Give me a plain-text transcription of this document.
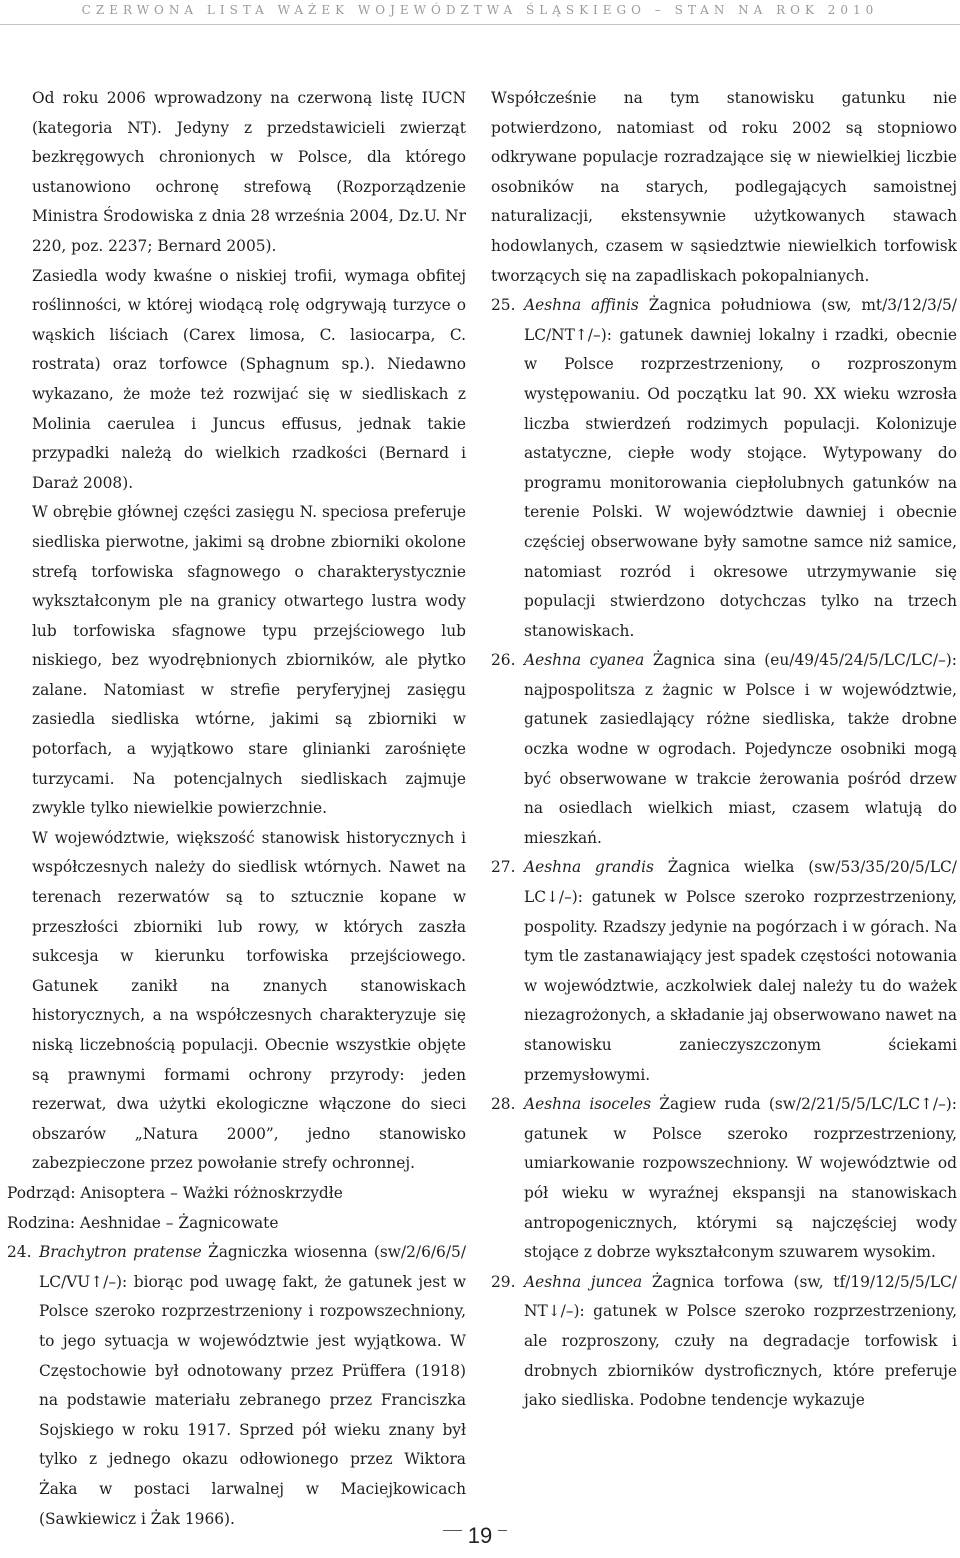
CZERWONA LISTA WAŻEK WOJEWÓDZTWA ŚLĄSKIEGO – STAN NA ROK 2010

Od roku 2006 wprowadzony na czerwoną listę IUCN (kategoria NT). Jedyny z przedstawicieli zwierząt bezkręgowych chronionych w Polsce, dla którego ustanowiono ochronę strefową (Rozporządzenie Ministra Środowiska z dnia 28 września 2004, Dz.U. Nr 220, poz. 2237; Bernard 2005).

Zasiedla wody kwaśne o niskiej trofii, wymaga obfitej roślinności, w której wiodącą rolę odgrywają turzyce o wąskich liściach (Carex limosa, C. lasiocarpa, C. rostrata) oraz torfowce (Sphagnum sp.). Niedawno wykazano, że może też rozwijać się w siedliskach z Molinia caerulea i Juncus effusus, jednak takie przypadki należą do wielkich rzadkości (Bernard i Daraż 2008).

W obrębie głównej części zasięgu N. speciosa preferuje siedliska pierwotne, jakimi są drobne zbiorniki okolone strefą torfowiska sfagnowego o charakterystycznie wykształconym ple na granicy otwartego lustra wody lub torfowiska sfagnowe typu przejściowego lub niskiego, bez wyodrębnionych zbiorników, ale płytko zalane. Natomiast w strefie peryferyjnej zasięgu zasiedla siedliska wtórne, jakimi są zbiorniki w potorfach, a wyjątkowo stare glinianki zarośnięte turzycami. Na potencjalnych siedliskach zajmuje zwykle tylko niewielkie powierzchnie.

W województwie, większość stanowisk historycznych i współczesnych należy do siedlisk wtórnych. Nawet na terenach rezerwatów są to sztucznie kopane w przeszłości zbiorniki lub rowy, w których zaszła sukcesja w kierunku torfowiska przejściowego. Gatunek zanikł na znanych stanowiskach historycznych, a na współczesnych charakteryzuje się niską liczebnością populacji. Obecnie wszystkie objęte są prawnymi formami ochrony przyrody: jeden rezerwat, dwa użytki ekologiczne włączone do sieci obszarów „Natura 2000”, jedno stanowisko zabezpieczone przez powołanie strefy ochronnej.

Podrząd: Anisoptera – Ważki różnoskrzydłe

Rodzina: Aeshnidae – Żagnicowate

24. Brachytron pratense Żagniczka wiosenna (sw/2/6/6/5/ LC/VU↑/–): biorąc pod uwagę fakt, że gatunek jest w Polsce szeroko rozprzestrzeniony i rozpowszechniony, to jego sytuacja w województwie jest wyjątkowa. W Częstochowie był odnotowany przez Prüffera (1918) na podstawie materiału zebranego przez Franciszka Sojskiego w roku 1917. Sprzed pół wieku znany był tylko z jednego okazu odłowionego przez Wiktora Żaka w postaci larwalnej w Maciejkowicach (Sawkiewicz i Żak 1966).

Współcześnie na tym stanowisku gatunku nie potwierdzono, natomiast od roku 2002 są stopniowo odkrywane populacje rozradzające się w niewielkiej liczbie osobników na starych, podlegających samoistnej naturalizacji, ekstensywnie użytkowanych stawach hodowlanych, czasem w sąsiedztwie niewielkich torfowisk tworzących się na zapadliskach pokopalnianych.

25. Aeshna affinis Żagnica południowa (sw, mt/3/12/3/5/ LC/NT↑/–): gatunek dawniej lokalny i rzadki, obecnie w Polsce rozprzestrzeniony, o rozproszonym występowaniu. Od początku lat 90. XX wieku wzrosła liczba stwierdzeń rodzimych populacji. Kolonizuje astatyczne, ciepłe wody stojące. Wytypowany do programu monitorowania ciepłolubnych gatunków na terenie Polski. W województwie dawniej i obecnie częściej obserwowane były samotne samce niż samice, natomiast rozród i okresowe utrzymywanie się populacji stwierdzono dotychczas tylko na trzech stanowiskach.

26. Aeshna cyanea Żagnica sina (eu/49/45/24/5/LC/LC/–): najpospolitsza z żagnic w Polsce i w województwie, gatunek zasiedlający różne siedliska, także drobne oczka wodne w ogrodach. Pojedyncze osobniki mogą być obserwowane w trakcie żerowania pośród drzew na osiedlach wielkich miast, czasem wlatują do mieszkań.

27. Aeshna grandis Żagnica wielka (sw/53/35/20/5/LC/ LC↓/–): gatunek w Polsce szeroko rozprzestrzeniony, pospolity. Rzadszy jedynie na pogórzach i w górach. Na tym tle zastanawiający jest spadek częstości notowania w województwie, aczkolwiek dalej należy tu do ważek niezagrożonych, a składanie jaj obserwowano nawet na stanowisku zanieczyszczonym ściekami przemysłowymi.

28. Aeshna isoceles Żagiew ruda (sw/2/21/5/5/LC/LC↑/–): gatunek w Polsce szeroko rozprzestrzeniony, umiarkowanie rozpowszechniony. W województwie od pół wieku w wyraźnej ekspansji na stanowiskach antropogenicznych, którymi są najczęściej wody stojące z dobrze wykształconym szuwarem wysokim.

29. Aeshna juncea Żagnica torfowa (sw, tf/19/12/5/5/LC/ NT↓/–): gatunek w Polsce szeroko rozprzestrzeniony, ale rozproszony, czuły na degradacje torfowisk i drobnych zbiorników dystroficznych, które preferuje jako siedliska. Podobne tendencje wykazuje

19
